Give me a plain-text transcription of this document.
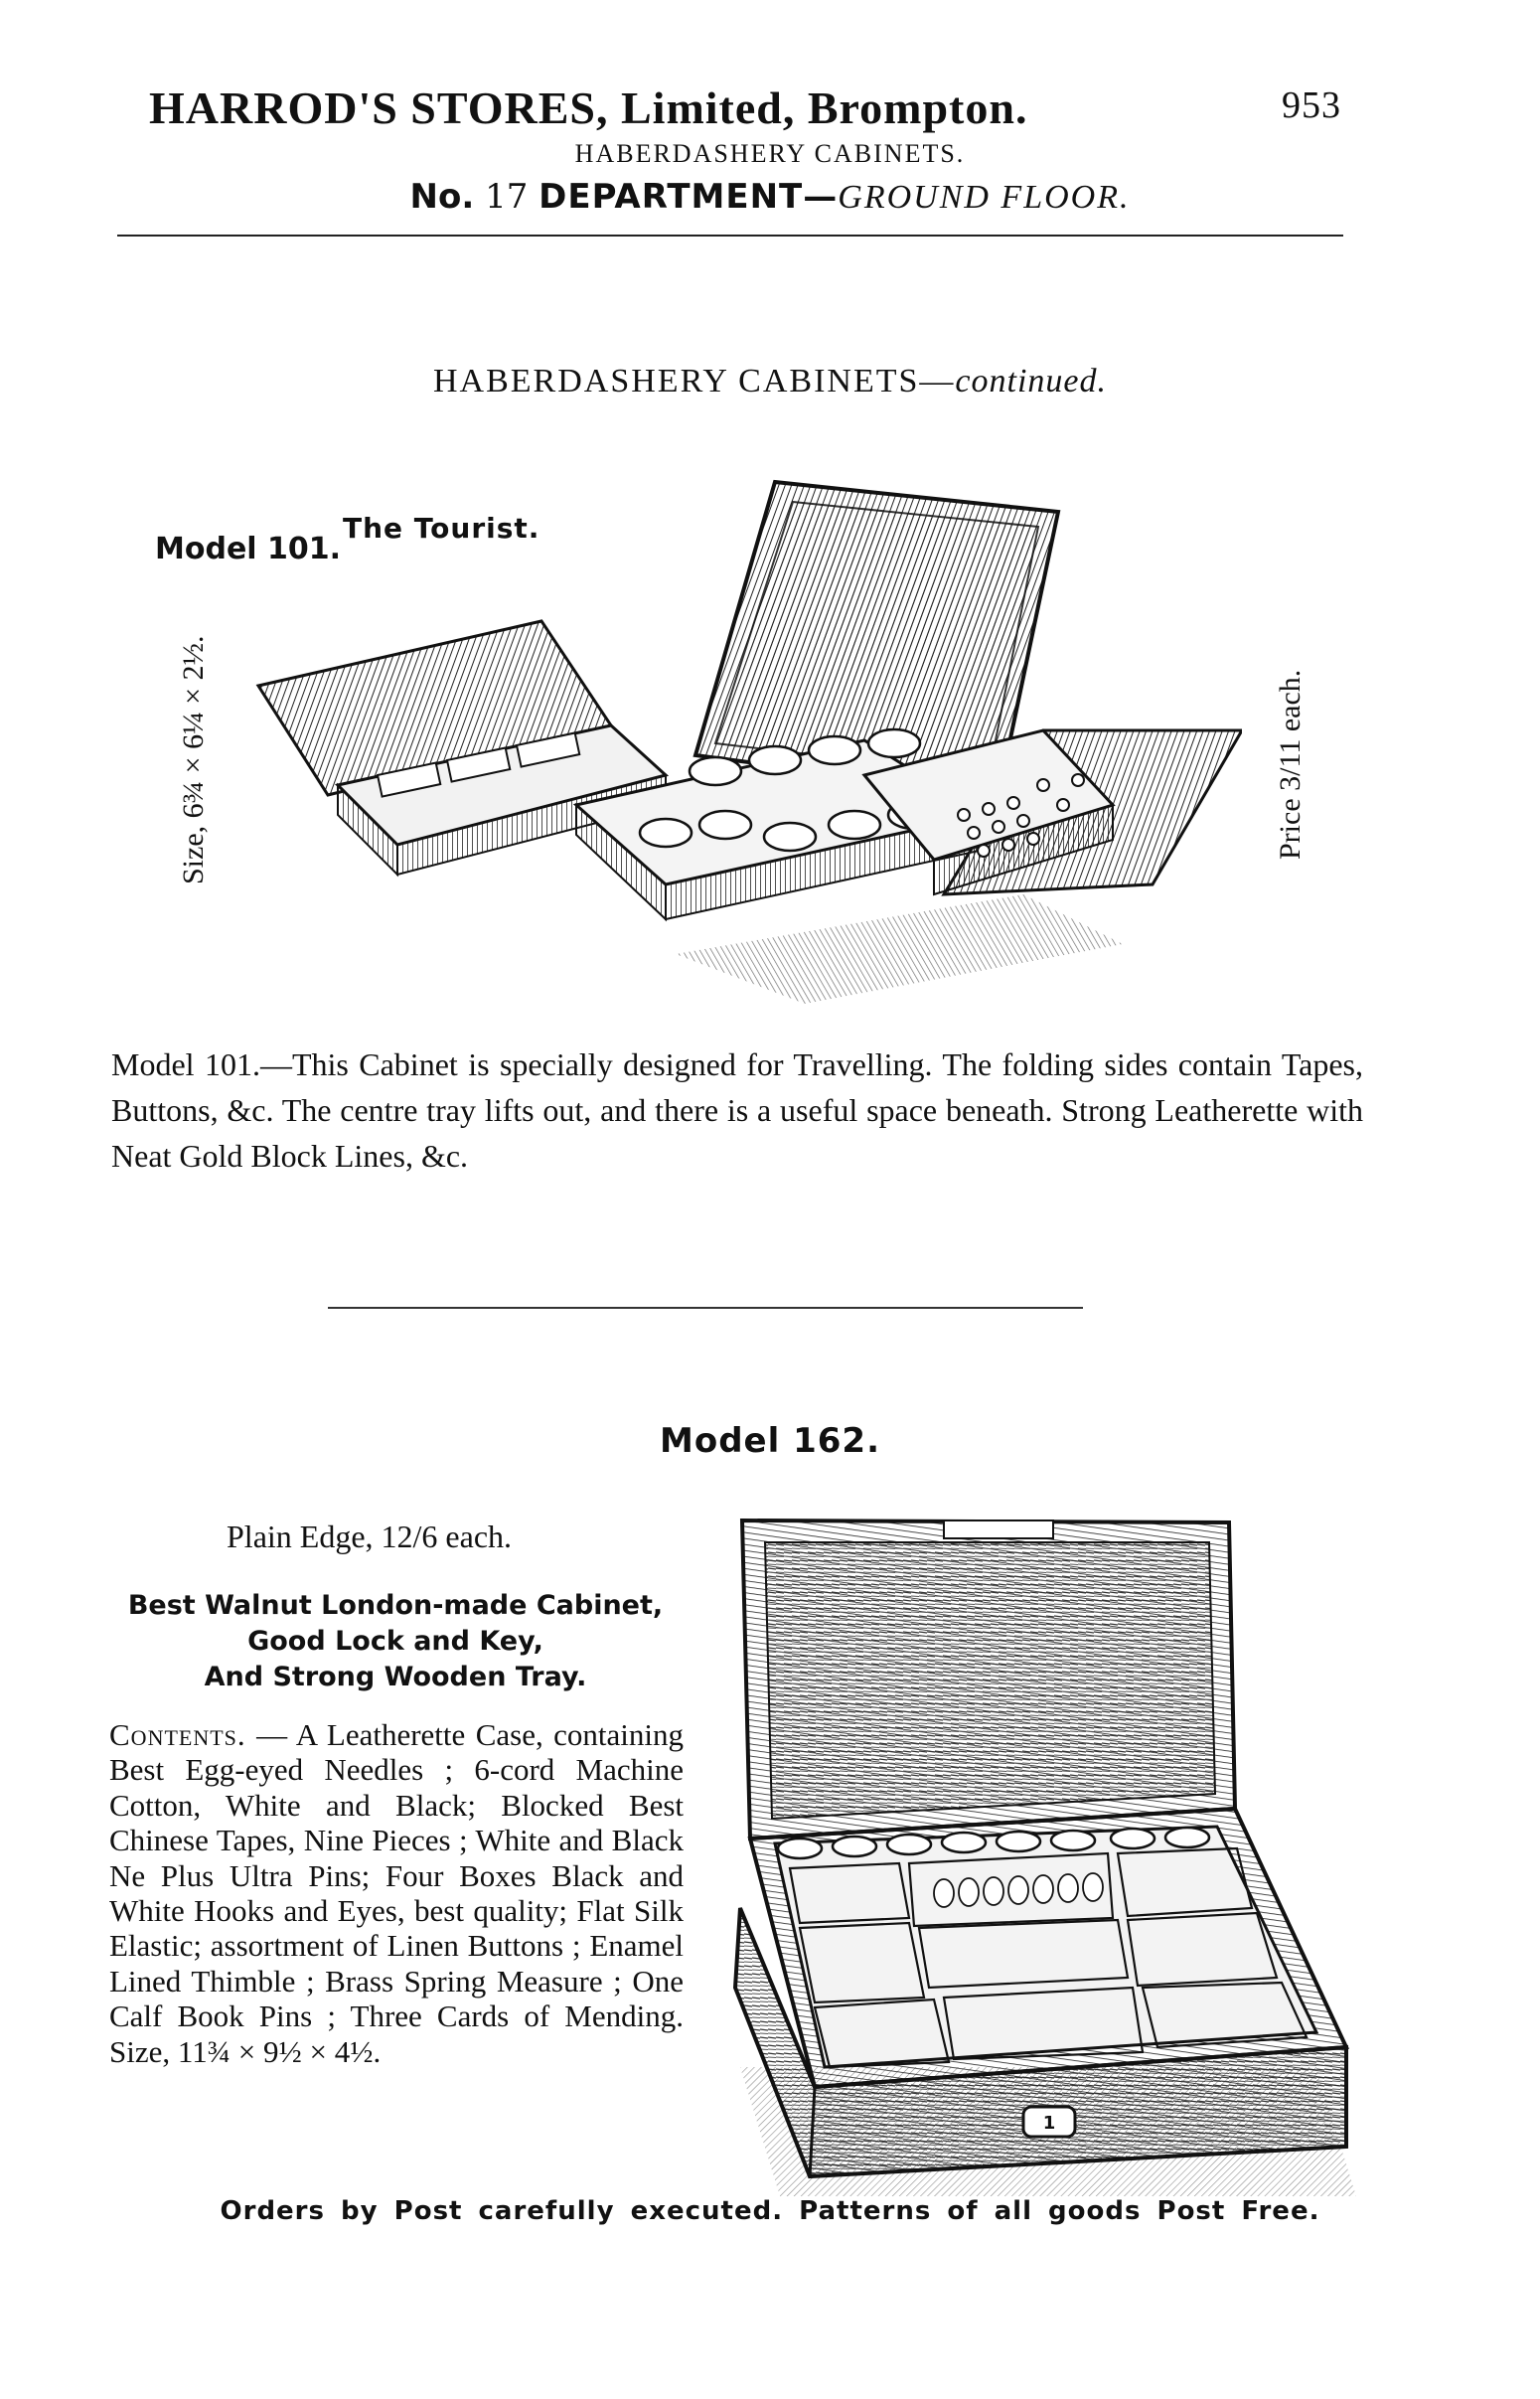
HARROD'S STORES, Limited, Brompton.	953
HABERDASHERY CABINETS.
No. 17 DEPARTMENT—GROUND FLOOR.
HABERDASHERY CABINETS—continued.
Model 101.
The Tourist.
Size, 6¾ × 6¼ × 2½.	Price 3/11 each.
Model 101.—This Cabinet is specially designed for Travelling. The folding sides contain Tapes, Buttons, &c. The centre tray lifts out, and there is a useful space beneath. Strong Leatherette with Neat Gold Block Lines, &c.
Model 162.
Plain Edge, 12/6 each.
Best Walnut London-made Cabinet,
Good Lock and Key,
And Strong Wooden Tray.
Contents. — A Leatherette Case, containing Best Egg-eyed Needles ; 6-cord Machine Cotton, White and Black; Blocked Best Chinese Tapes, Nine Pieces ; White and Black Ne Plus Ultra Pins; Four Boxes Black and White Hooks and Eyes, best quality; Flat Silk Elastic; assortment of Linen Buttons ; Enamel Lined Thimble ; Brass Spring Measure ; One Calf Book Pins ; Three Cards of Mending. Size, 11¾ × 9½ × 4½.
1
Orders by Post carefully executed. Patterns of all goods Post Free.
